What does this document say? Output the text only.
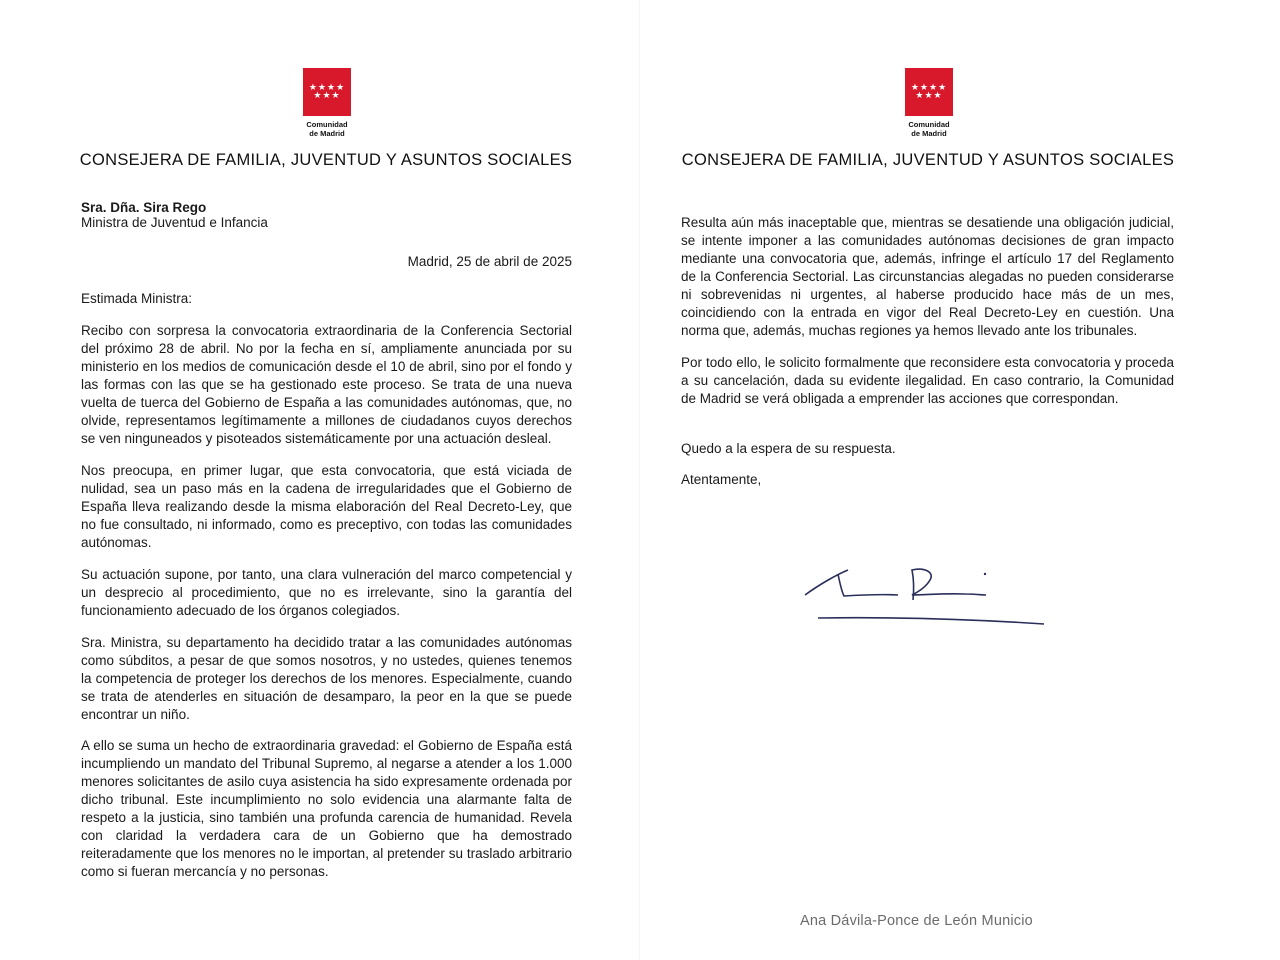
★★★★
★★★
Comunidad
de Madrid
CONSEJERA DE FAMILIA, JUVENTUD Y ASUNTOS SOCIALES
Sra. Dña. Sira Rego
Ministra de Juventud e Infancia
Madrid, 25 de abril de 2025
Estimada Ministra:

Recibo con sorpresa la convocatoria extraordinaria de la Conferencia Sectorial del próximo 28 de abril. No por la fecha en sí, ampliamente anunciada por su ministerio en los medios de comunicación desde el 10 de abril, sino por el fondo y las formas con las que se ha gestionado este proceso. Se trata de una nueva vuelta de tuerca del Gobierno de España a las comunidades autónomas, que, no olvide, representamos legítimamente a millones de ciudadanos cuyos derechos se ven ninguneados y pisoteados sistemáticamente por una actuación desleal.

Nos preocupa, en primer lugar, que esta convocatoria, que está viciada de nulidad, sea un paso más en la cadena de irregularidades que el Gobierno de España lleva realizando desde la misma elaboración del Real Decreto-Ley, que no fue consultado, ni informado, como es preceptivo, con todas las comunidades autónomas.

Su actuación supone, por tanto, una clara vulneración del marco competencial y un desprecio al procedimiento, que no es irrelevante, sino la garantía del funcionamiento adecuado de los órganos colegiados.

Sra. Ministra, su departamento ha decidido tratar a las comunidades autónomas como súbditos, a pesar de que somos nosotros, y no ustedes, quienes tenemos la competencia de proteger los derechos de los menores. Especialmente, cuando se trata de atenderles en situación de desamparo, la peor en la que se puede encontrar un niño.

A ello se suma un hecho de extraordinaria gravedad: el Gobierno de España está incumpliendo un mandato del Tribunal Supremo, al negarse a atender a los 1.000 menores solicitantes de asilo cuya asistencia ha sido expresamente ordenada por dicho tribunal. Este incumplimiento no solo evidencia una alarmante falta de respeto a la justicia, sino también una profunda carencia de humanidad. Revela con claridad la verdadera cara de un Gobierno que ha demostrado reiteradamente que los menores no le importan, al pretender su traslado arbitrario como si fueran mercancía y no personas.

★★★★
★★★
Comunidad
de Madrid
CONSEJERA DE FAMILIA, JUVENTUD Y ASUNTOS SOCIALES

Resulta aún más inaceptable que, mientras se desatiende una obligación judicial, se intente imponer a las comunidades autónomas decisiones de gran impacto mediante una convocatoria que, además, infringe el artículo 17 del Reglamento de la Conferencia Sectorial. Las circunstancias alegadas no pueden considerarse ni sobrevenidas ni urgentes, al haberse producido hace más de un mes, coincidiendo con la entrada en vigor del Real Decreto-Ley en cuestión. Una norma que, además, muchas regiones ya hemos llevado ante los tribunales.

Por todo ello, le solicito formalmente que reconsidere esta convocatoria y proceda a su cancelación, dada su evidente ilegalidad. En caso contrario, la Comunidad de Madrid se verá obligada a emprender las acciones que correspondan.

Quedo a la espera de su respuesta.
Atentamente,
Ana Dávila-Ponce de León Municio
